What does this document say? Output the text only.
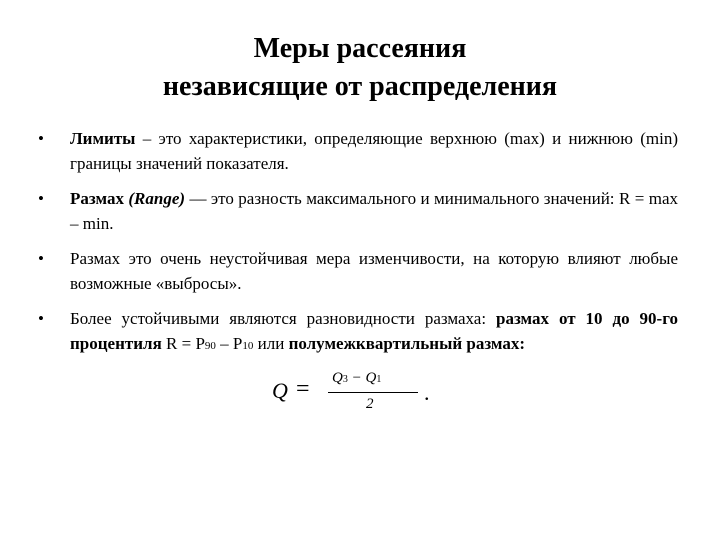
Меры рассеяния
независящие от распределения
•	Лимиты – это характеристики, определяющие верхнюю (max) и нижнюю (min) границы значений показателя.
•	Размах (Range) — это разность максимального и минимального значений: R = max – min.
•	Размах это очень неустойчивая мера изменчивости, на которую влияют любые возможные «выбросы».
•	Более устойчивыми являются разновидности размаха: размах от 10 до 90-го процентиля R = P90 – P10 или полумежквартильный размах:
Q = Q3 − Q1
2 .
